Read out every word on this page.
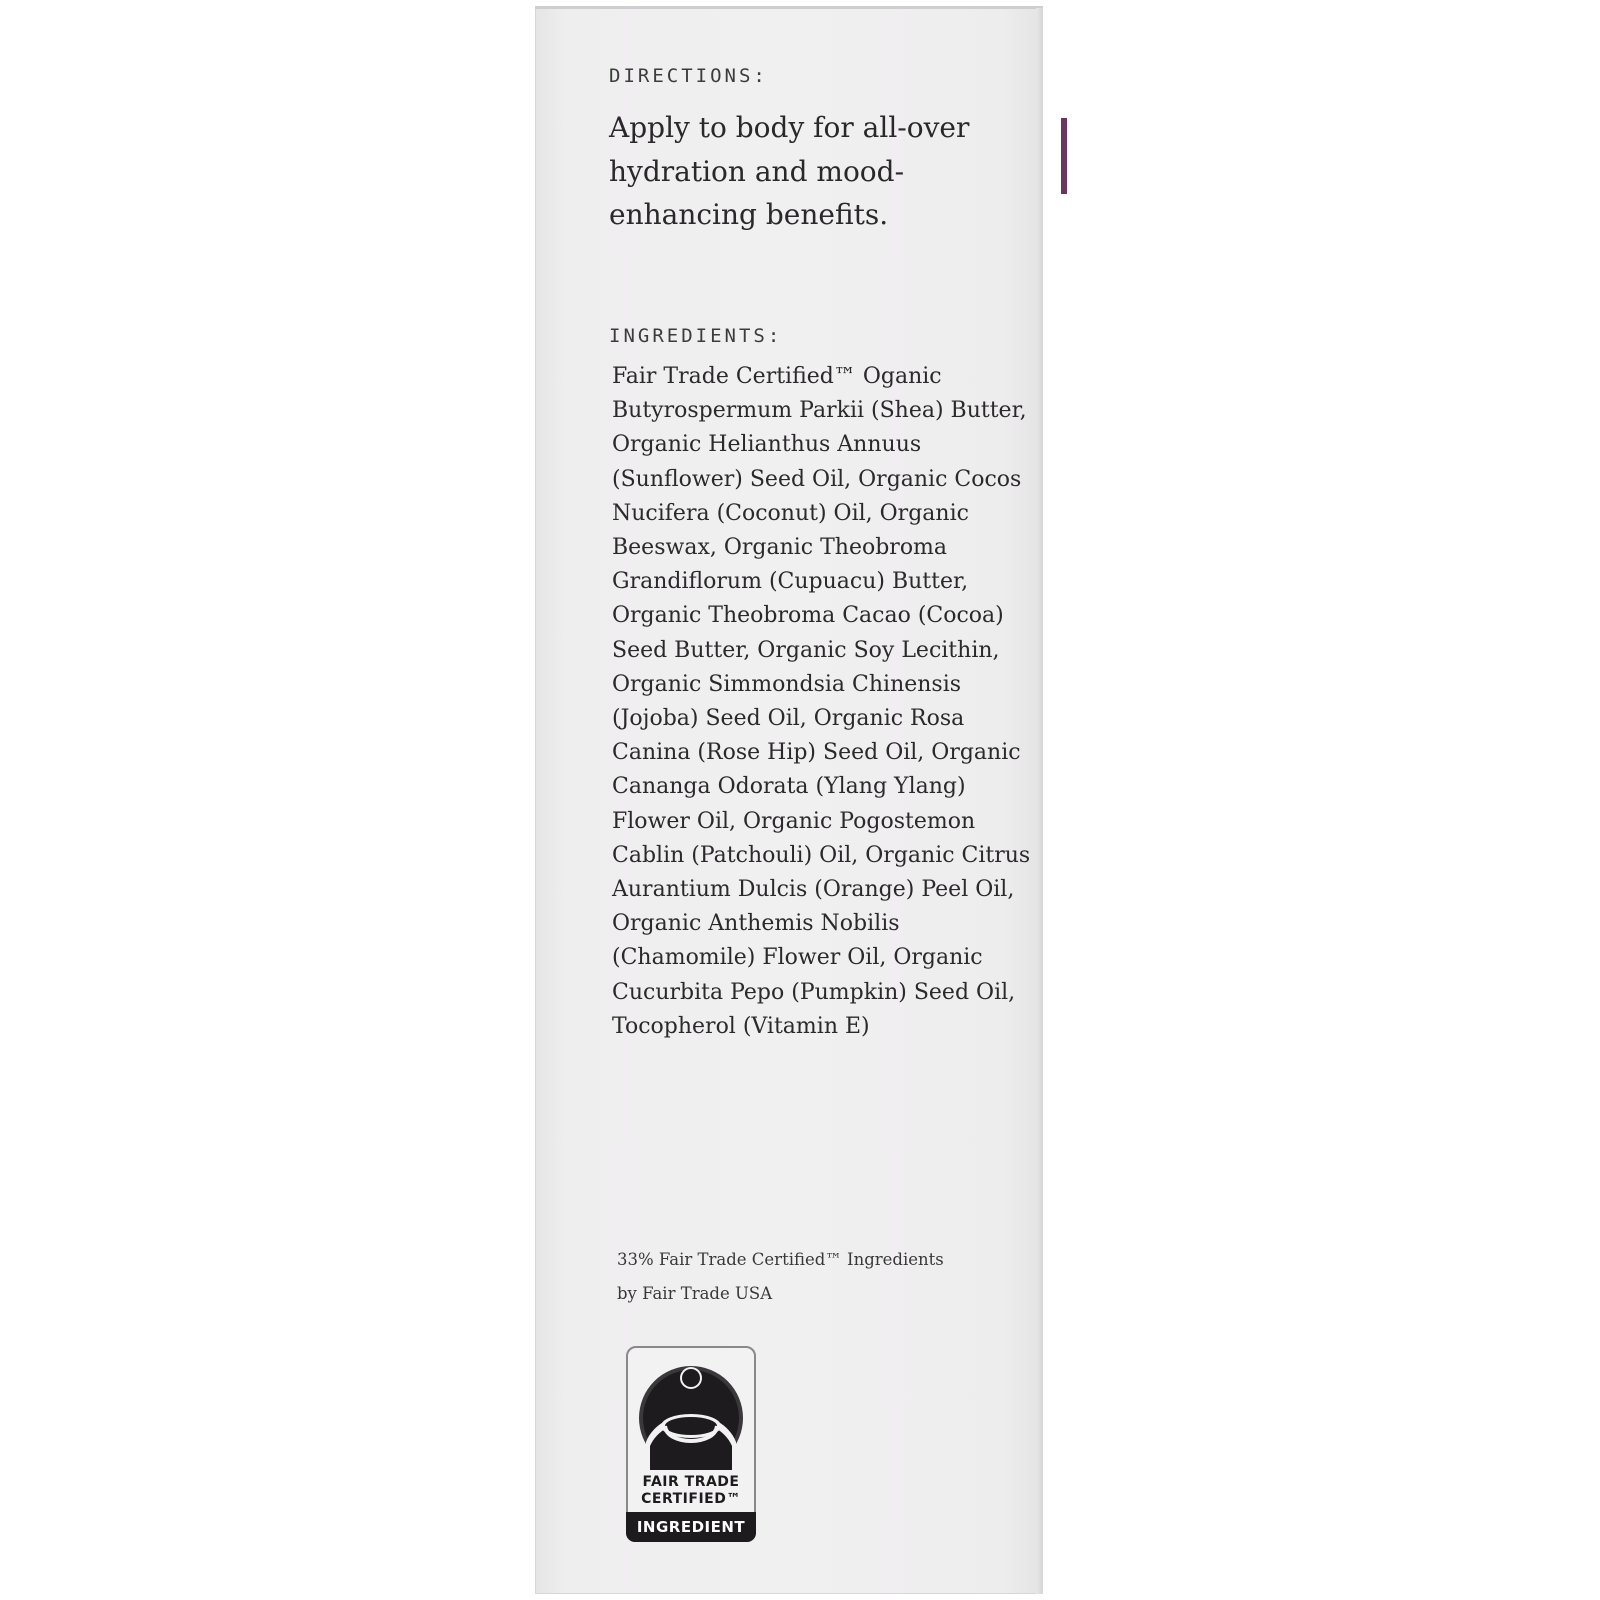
DIRECTIONS:
Apply to body for all-over hydration and mood-enhancing benefits.
INGREDIENTS:
Fair Trade Certified™ Oganic Butyrospermum Parkii (Shea) Butter, Organic Helianthus Annuus (Sunflower) Seed Oil, Organic Cocos Nucifera (Coconut) Oil, Organic Beeswax, Organic Theobroma Grandiflorum (Cupuacu) Butter, Organic Theobroma Cacao (Cocoa) Seed Butter, Organic Soy Lecithin, Organic Simmondsia Chinensis (Jojoba) Seed Oil, Organic Rosa Canina (Rose Hip) Seed Oil, Organic Cananga Odorata (Ylang Ylang) Flower Oil, Organic Pogostemon Cablin (Patchouli) Oil, Organic Citrus Aurantium Dulcis (Orange) Peel Oil, Organic Anthemis Nobilis (Chamomile) Flower Oil, Organic Cucurbita Pepo (Pumpkin) Seed Oil, Tocopherol (Vitamin E)
33% Fair Trade Certified™ Ingredients
by Fair Trade USA
FAIR TRADE
CERTIFIED™
INGREDIENT
